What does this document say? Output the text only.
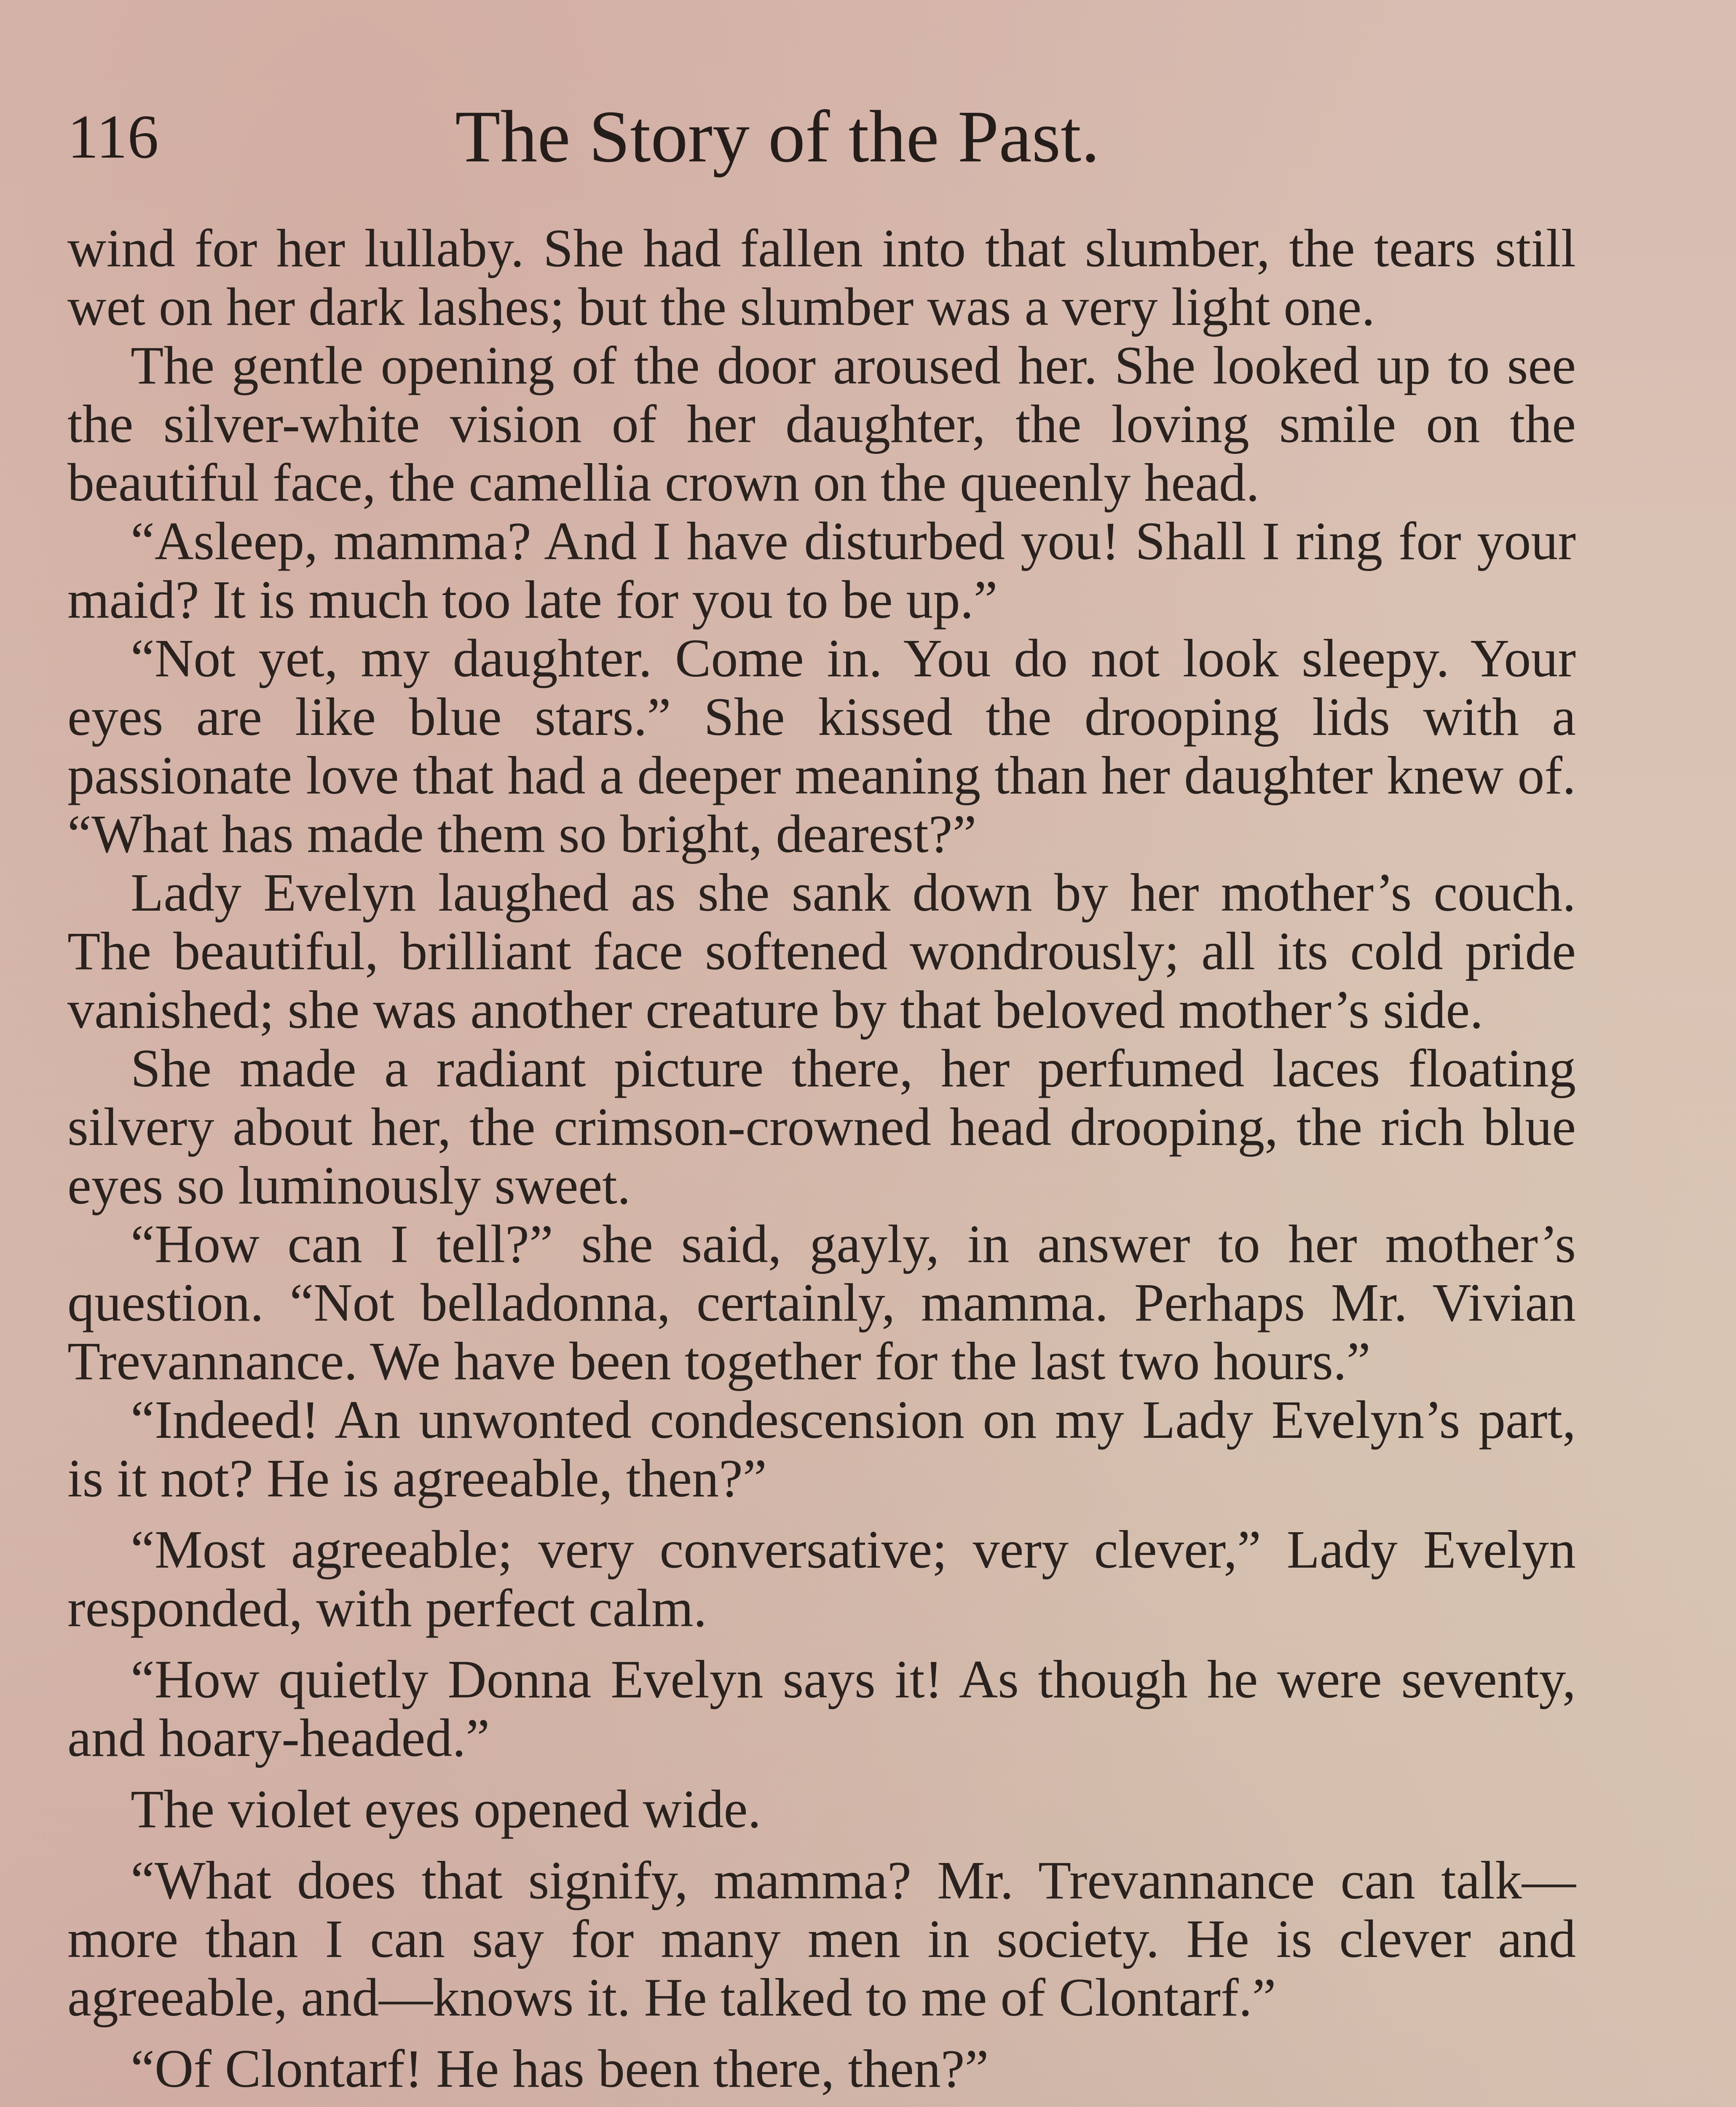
116	The Story of the Past.

wind for her lullaby. She had fallen into that slumber, the tears still wet on her dark lashes; but the slumber was a very light one.

The gentle opening of the door aroused her. She looked up to see the silver-white vision of her daughter, the loving smile on the beautiful face, the camellia crown on the queenly head.

“Asleep, mamma? And I have disturbed you! Shall I ring for your maid? It is much too late for you to be up.”

“Not yet, my daughter. Come in. You do not look sleepy. Your eyes are like blue stars.” She kissed the drooping lids with a passionate love that had a deeper meaning than her daughter knew of. “What has made them so bright, dearest?”

Lady Evelyn laughed as she sank down by her mother’s couch. The beautiful, brilliant face softened wondrously; all its cold pride vanished; she was another creature by that beloved mother’s side.

She made a radiant picture there, her perfumed laces floating silvery about her, the crimson-crowned head drooping, the rich blue eyes so luminously sweet.

“How can I tell?” she said, gayly, in answer to her mother’s question. “Not belladonna, certainly, mamma. Perhaps Mr. Vivian Trevannance. We have been together for the last two hours.”

“Indeed! An unwonted condescension on my Lady Evelyn’s part, is it not? He is agreeable, then?”

“Most agreeable; very conversative; very clever,” Lady Evelyn responded, with perfect calm.

“How quietly Donna Evelyn says it! As though he were seventy, and hoary-headed.”

The violet eyes opened wide.

“What does that signify, mamma? Mr. Trevannance can talk—more than I can say for many men in society. He is clever and agreeable, and—knows it. He talked to me of Clontarf.”

“Of Clontarf! He has been there, then?”
